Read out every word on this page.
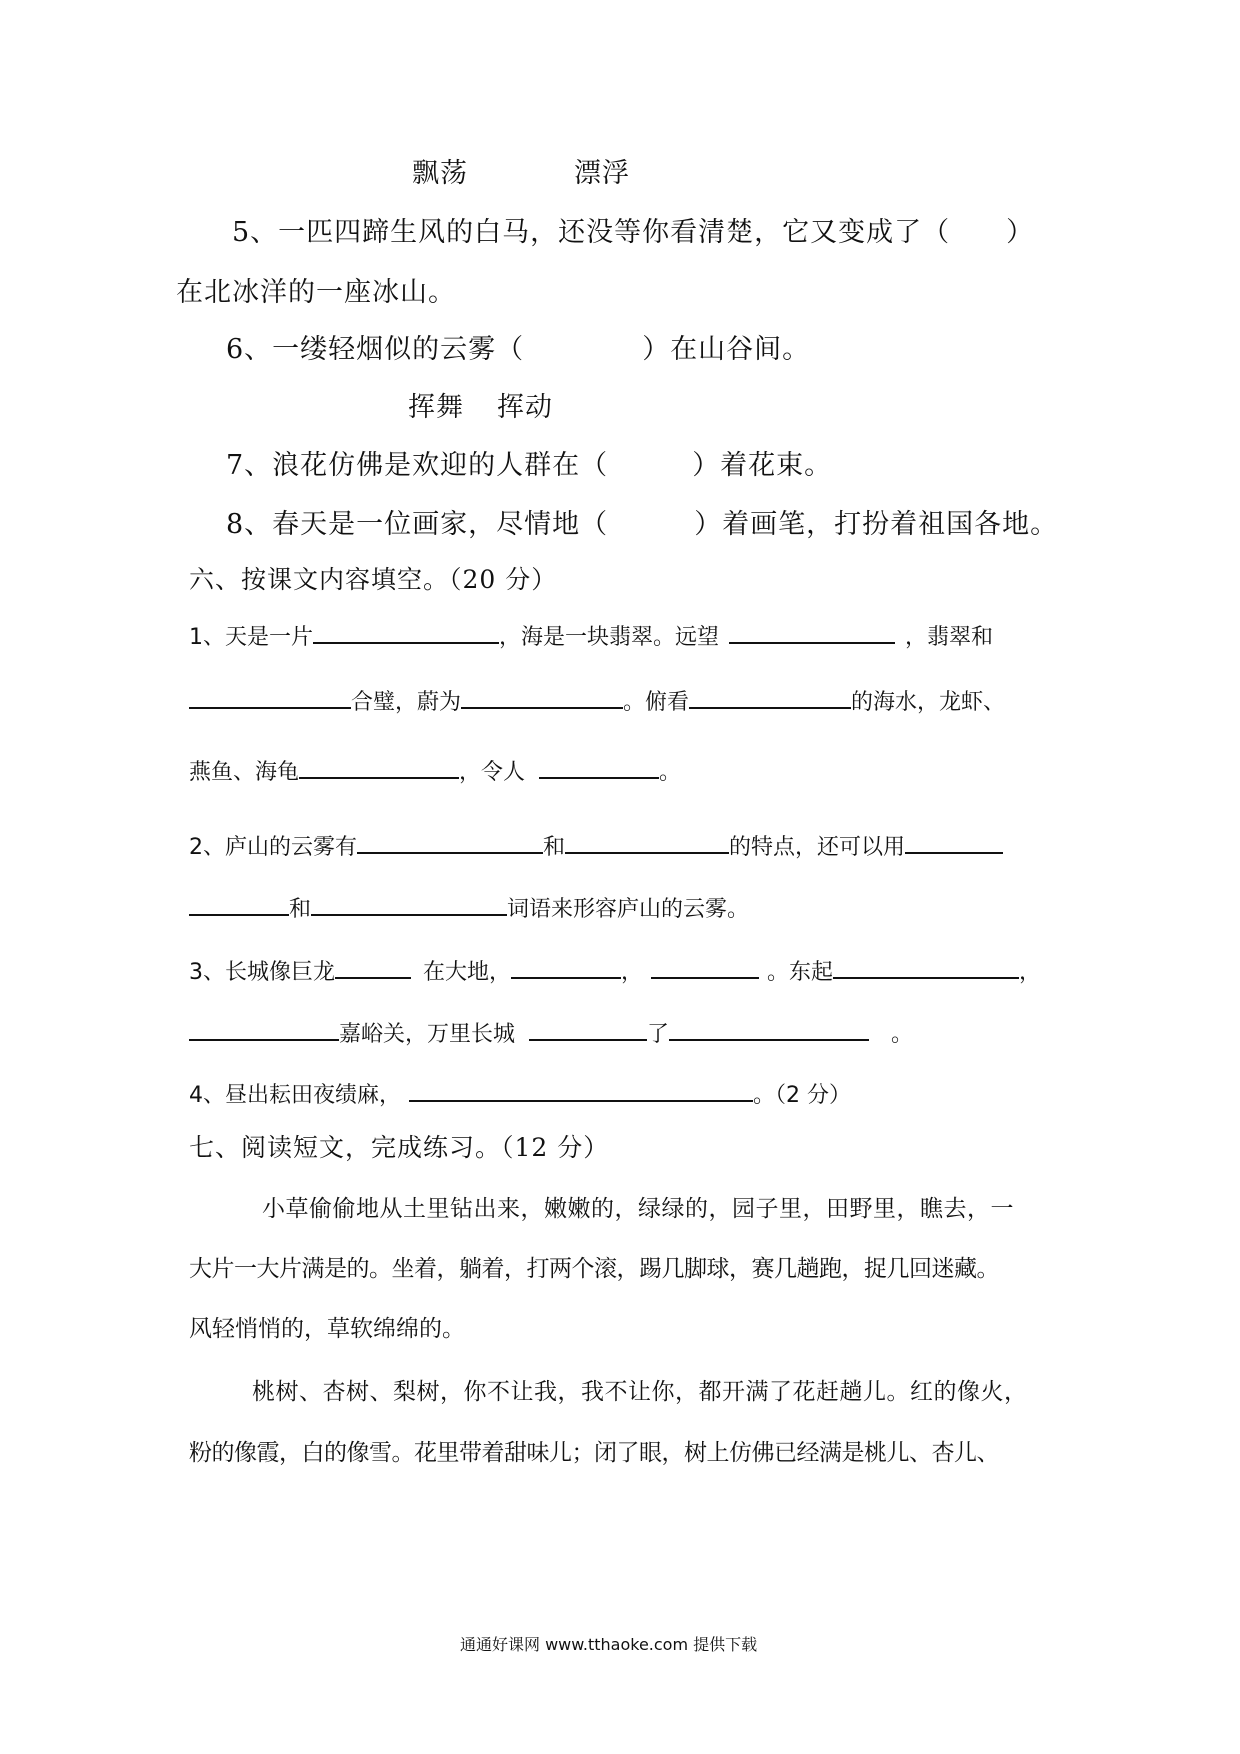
飘荡	漂浮
5、一匹四蹄生风的白马，还没等你看清楚，它又变成了（　　）
在北冰洋的一座冰山。
6、一缕轻烟似的云雾（	）在山谷间。
挥舞 挥动
7、浪花仿佛是欢迎的人群在（	）着花束。
8、春天是一位画家，尽情地（	）着画笔，打扮着祖国各地。
六、按课文内容填空。（20 分）
1、天是一片	，海是一块翡翠。远望	，翡翠和
合璧，蔚为	。俯看	的海水，龙虾、
燕鱼、海龟	，令人	。
2、庐山的云雾有	和	的特点，还可以用
和	词语来形容庐山的云雾。
3、长城像巨龙	在大地，	，	。东起	，
嘉峪关，万里长城	了	。
4、昼出耘田夜绩麻，	。（2 分）
七、阅读短文，完成练习。（12 分）
小草偷偷地从土里钻出来，嫩嫩的，绿绿的，园子里，田野里，瞧去，一
大片一大片满是的。坐着，躺着，打两个滚，踢几脚球，赛几趟跑，捉几回迷藏。
风轻悄悄的，草软绵绵的。
桃树、杏树、梨树，你不让我，我不让你，都开满了花赶趟儿。红的像火，
粉的像霞，白的像雪。花里带着甜味儿；闭了眼，树上仿佛已经满是桃儿、杏儿、
通通好课网 www.tthaoke.com 提供下载
